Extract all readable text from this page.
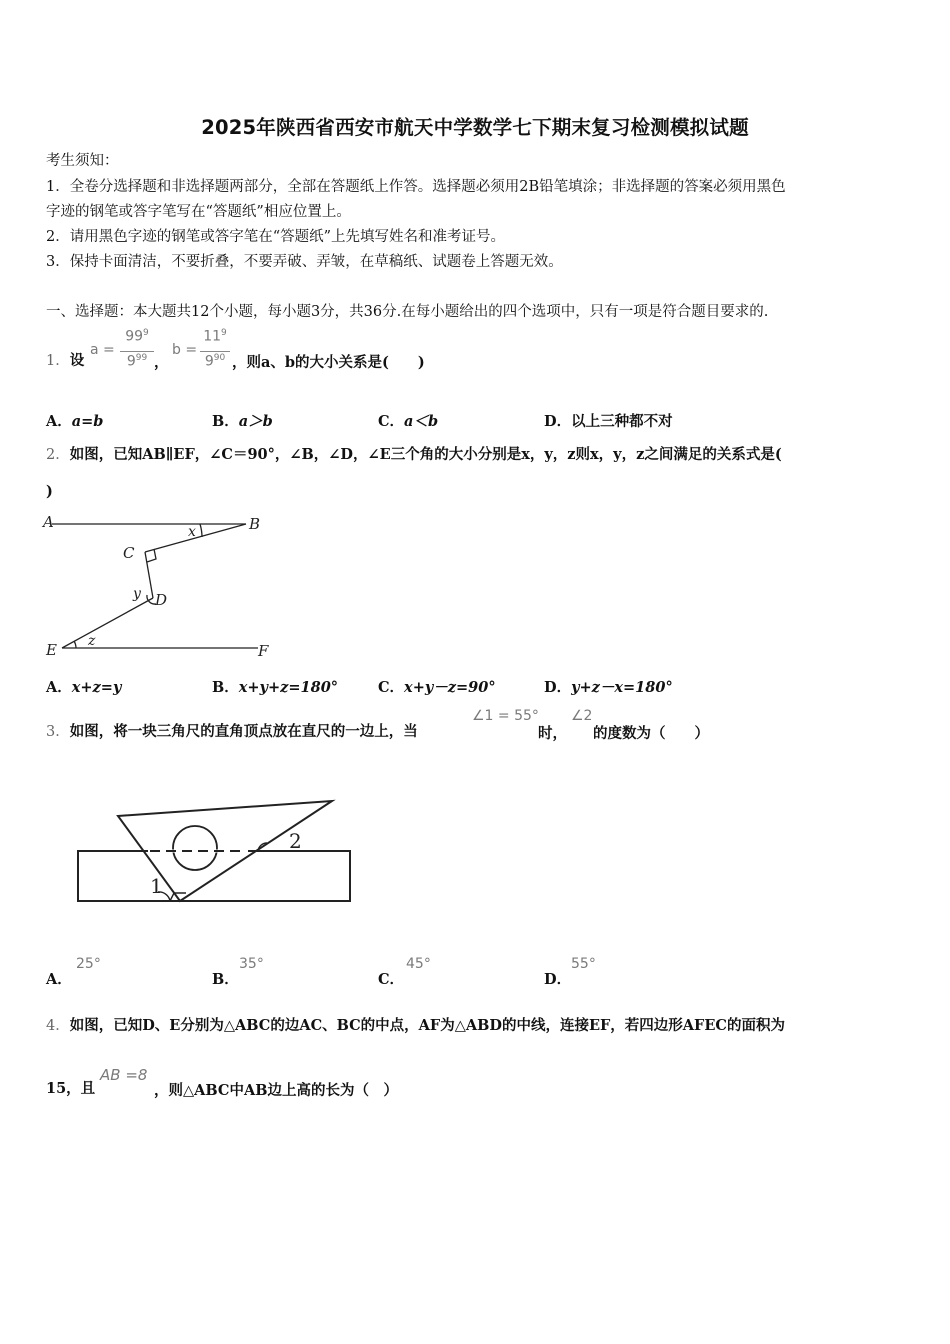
2025年陕西省西安市航天中学数学七下期末复习检测模拟试题
考生须知：
1．全卷分选择题和非选择题两部分，全部在答题纸上作答。选择题必须用2B铅笔填涂；非选择题的答案必须用黑色
字迹的钢笔或答字笔写在“答题纸”相应位置上。
2．请用黑色字迹的钢笔或答字笔在“答题纸”上先填写姓名和准考证号。
3．保持卡面清洁，不要折叠，不要弄破、弄皱，在草稿纸、试题卷上答题无效。
一、选择题：本大题共12个小题，每小题3分，共36分.在每小题给出的四个选项中，只有一项是符合题目要求的.
1．设
a =
$99^9$
$9^{99}$ ，
b =
$11^9$
$9^{90}$ ，则a、b的大小关系是(　　)
A．a=b	B．a＞b	C．a＜b	D．以上三种都不对
2．如图，已知AB∥EF，∠C＝90°，∠B，∠D，∠E三个角的大小分别是x，y，z则x，y，z之间满足的关系式是(
)
A	B
C
D
E	F
x
y
z
A．x+z=y	B．x+y+z=180°	C．x+y－z=90°	D．y+z－x=180°
3．如图，将一块三角尺的直角顶点放在直尺的一边上，当
∠1 = 55°
时，
∠2
的度数为（　　）
1
2
A．
25°
B．
35°
C．
45°
D．
55°
4．如图，已知D、E分别为△ABC的边AC、BC的中点，AF为△ABD的中线，连接EF，若四边形AFEC的面积为
15，且
AB =8
，则△ABC中AB边上高的长为（　）
